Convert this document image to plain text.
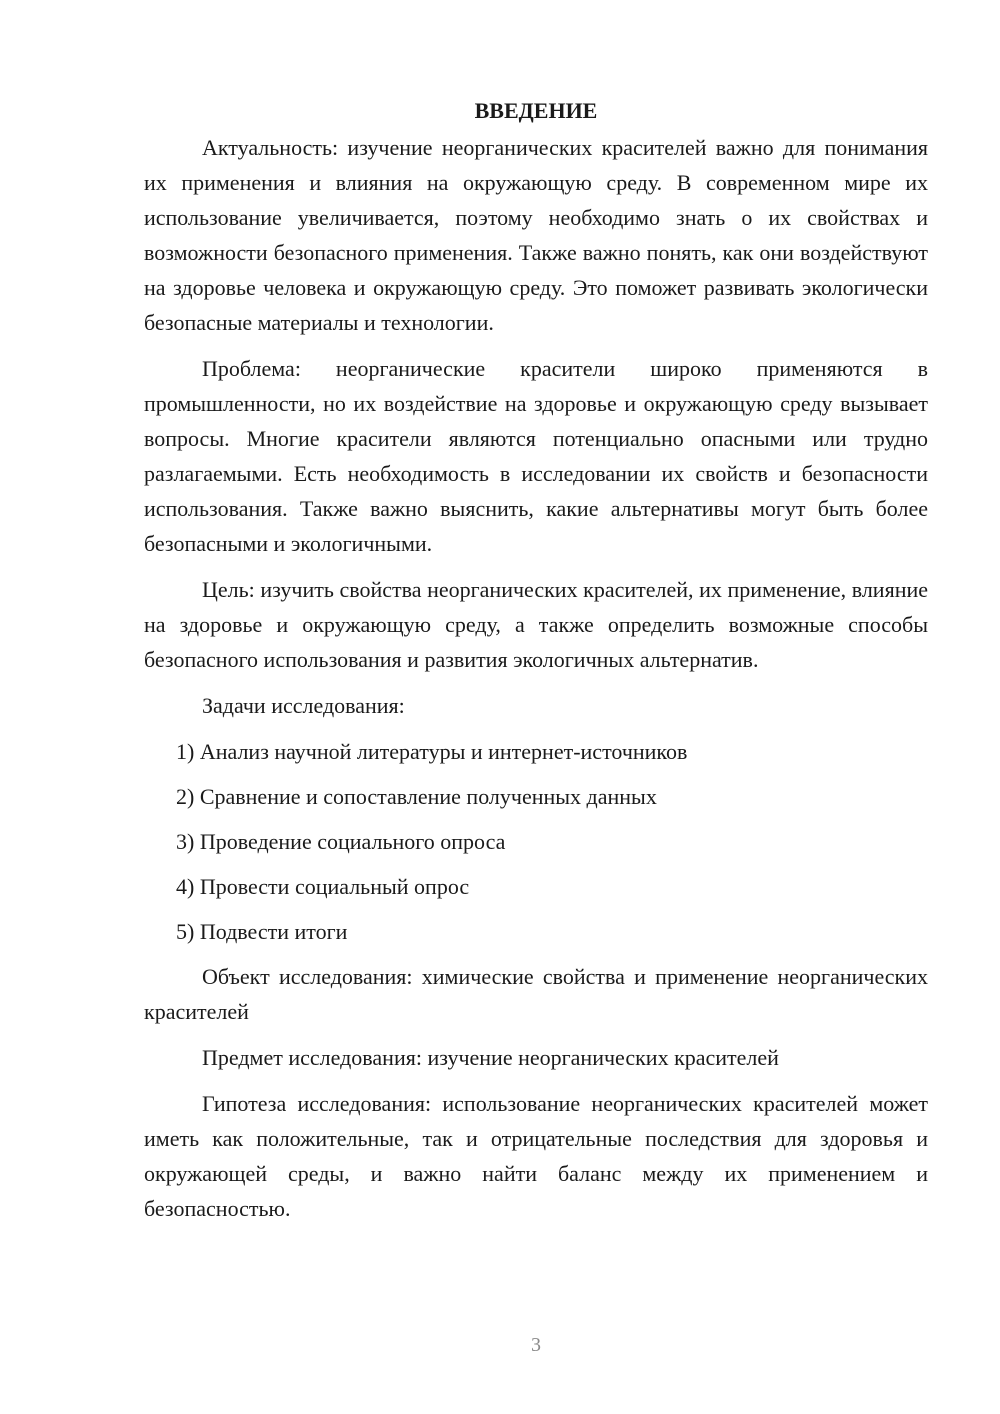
ВВЕДЕНИЕ

Актуальность: изучение неорганических красителей важно для понимания их применения и влияния на окружающую среду. В современном мире их использование увеличивается, поэтому необходимо знать о их свойствах и возможности безопасного применения. Также важно понять, как они воздействуют на здоровье человека и окружающую среду. Это поможет развивать экологически безопасные материалы и технологии.

Проблема: неорганические красители широко применяются в промышленности, но их воздействие на здоровье и окружающую среду вызывает вопросы. Многие красители являются потенциально опасными или трудно разлагаемыми. Есть необходимость в исследовании их свойств и безопасности использования. Также важно выяснить, какие альтернативы могут быть более безопасными и экологичными.

Цель: изучить свойства неорганических красителей, их применение, влияние на здоровье и окружающую среду, а также определить возможные способы безопасного использования и развития экологичных альтернатив.

Задачи исследования:
1) Анализ научной литературы и интернет-источников
2) Сравнение и сопоставление полученных данных
3) Проведение социального опроса
4) Провести социальный опрос
5) Подвести итоги

Объект исследования: химические свойства и применение неорганических красителей

Предмет исследования: изучение неорганических красителей

Гипотеза исследования: использование неорганических красителей может иметь как положительные, так и отрицательные последствия для здоровья и окружающей среды, и важно найти баланс между их применением и безопасностью.

3
